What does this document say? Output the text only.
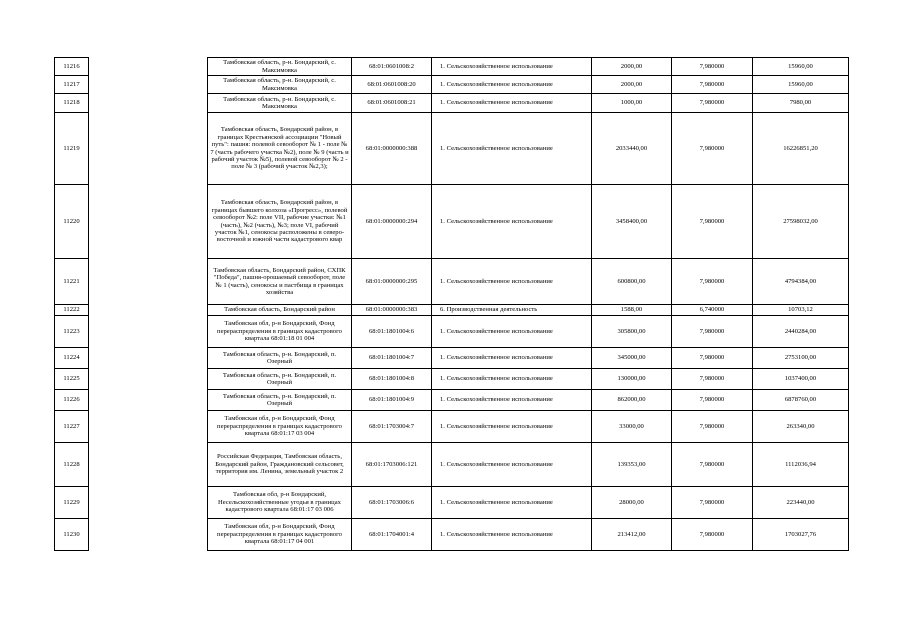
11216		Тамбовская область, р-н. Бондарский, с. Максимовка	68:01:0601008:2	1. Сельскохозяйственное использование	2000,00	7,980000	15960,00
11217		Тамбовская область, р-н. Бондарский, с. Максимовка	68:01:0601008:20	1. Сельскохозяйственное использование	2000,00	7,980000	15960,00
11218		Тамбовская область, р-н. Бондарский, с. Максимовка	68:01:0601008:21	1. Сельскохозяйственное использование	1000,00	7,980000	7980,00
11219		Тамбовская область, Бондарский район, в границах Крестьянской ассоциации "Новый путь": пашня: полевой севооборот № 1 - поле № 7 (часть рабочего участка №2), поле № 9 (часть и рабочий участок №5), полевой севооборот № 2 - поле № 3 (рабочий участок №2,3);	68:01:0000000:388	1. Сельскохозяйственное использование	2033440,00	7,980000	16226851,20
11220		Тамбовская область, Бондарский район, в границах бывшего колхоза «Прогресс», полевой севооборот №2: поле VII, рабочие участки: №1 (часть), №2 (часть), №3; поле VI, рабочий участок №1, сенокосы расположены в северо-восточной и южной части кадастрового квар	68:01:0000000:294	1. Сельскохозяйственное использование	3458400,00	7,980000	27598032,00
11221		Тамбовская область, Бондарский район, СХПК "Победа", пашня-орошаемый севооборот, поле № 1 (часть), сенокосы и пастбища в границах хозяйства	68:01:0000000:295	1. Сельскохозяйственное использование	600800,00	7,980000	4794384,00
11222		Тамбовская область, Бондарский район	68:01:0000000:383	6. Производственная деятельность	1588,00	6,740000	10703,12
11223		Тамбовская обл, р-н Бондарский, Фонд перераспределения в границах кадастрового квартала 68:01:18 01 004	68:01:1801004:6	1. Сельскохозяйственное использование	305800,00	7,980000	2440284,00
11224		Тамбовская область, р-н. Бондарский, п. Озерный	68:01:1801004:7	1. Сельскохозяйственное использование	345000,00	7,980000	2753100,00
11225		Тамбовская область, р-н. Бондарский, п. Озерный	68:01:1801004:8	1. Сельскохозяйственное использование	130000,00	7,980000	1037400,00
11226		Тамбовская область, р-н. Бондарский, п. Озерный	68:01:1801004:9	1. Сельскохозяйственное использование	862000,00	7,980000	6878760,00
11227		Тамбовская обл, р-н Бондарский, Фонд перераспределения в границах кадастрового квартала 68:01:17 03 004	68:01:1703004:7	1. Сельскохозяйственное использование	33000,00	7,980000	263340,00
11228		Российская Федерация, Тамбовская область, Бондарский район, Граждановский сельсовет, территория им. Ленина, земельный участок 2	68:01:1703006:121	1. Сельскохозяйственное использование	139353,00	7,980000	1112036,94
11229		Тамбовская обл, р-н Бондарский, Несельскохозяйственные угодья в границах кадастрового квартала 68:01:17 03 006	68:01:1703006:6	1. Сельскохозяйственное использование	28000,00	7,980000	223440,00
11230		Тамбовская обл, р-н Бондарский, Фонд перераспределения в границах кадастрового квартала 68:01:17 04 001	68:01:1704001:4	1. Сельскохозяйственное использование	213412,00	7,980000	1703027,76
